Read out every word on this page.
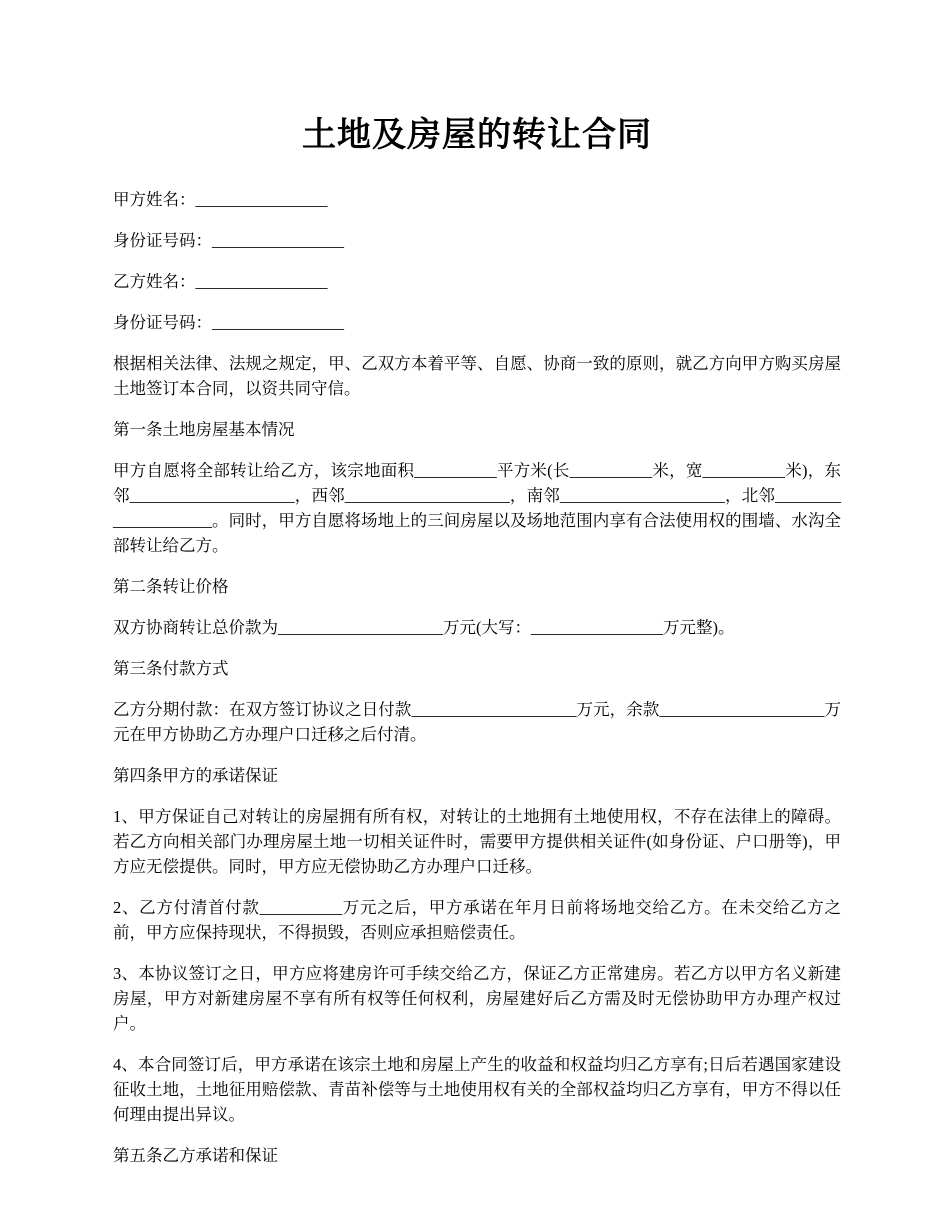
土地及房屋的转让合同

甲方姓名：________________

身份证号码：________________

乙方姓名：________________

身份证号码：________________

根据相关法律、法规之规定，甲、乙双方本着平等、自愿、协商一致的原则，就乙方向甲方购买房屋土地签订本合同，以资共同守信。

第一条土地房屋基本情况

甲方自愿将全部转让给乙方，该宗地面积__________平方米(长__________米，宽__________米)，东邻____________________，西邻____________________，南邻____________________，北邻____________________。同时，甲方自愿将场地上的三间房屋以及场地范围内享有合法使用权的围墙、水沟全部转让给乙方。

第二条转让价格

双方协商转让总价款为____________________万元(大写：________________万元整)。

第三条付款方式

乙方分期付款：在双方签订协议之日付款____________________万元，余款____________________万元在甲方协助乙方办理户口迁移之后付清。

第四条甲方的承诺保证

1、甲方保证自己对转让的房屋拥有所有权，对转让的土地拥有土地使用权，不存在法律上的障碍。若乙方向相关部门办理房屋土地一切相关证件时，需要甲方提供相关证件(如身份证、户口册等)，甲方应无偿提供。同时，甲方应无偿协助乙方办理户口迁移。

2、乙方付清首付款__________万元之后，甲方承诺在年月日前将场地交给乙方。在未交给乙方之前，甲方应保持现状，不得损毁，否则应承担赔偿责任。

3、本协议签订之日，甲方应将建房许可手续交给乙方，保证乙方正常建房。若乙方以甲方名义新建房屋，甲方对新建房屋不享有所有权等任何权利，房屋建好后乙方需及时无偿协助甲方办理产权过户。

4、本合同签订后，甲方承诺在该宗土地和房屋上产生的收益和权益均归乙方享有;日后若遇国家建设征收土地，土地征用赔偿款、青苗补偿等与土地使用权有关的全部权益均归乙方享有，甲方不得以任何理由提出异议。

第五条乙方承诺和保证
